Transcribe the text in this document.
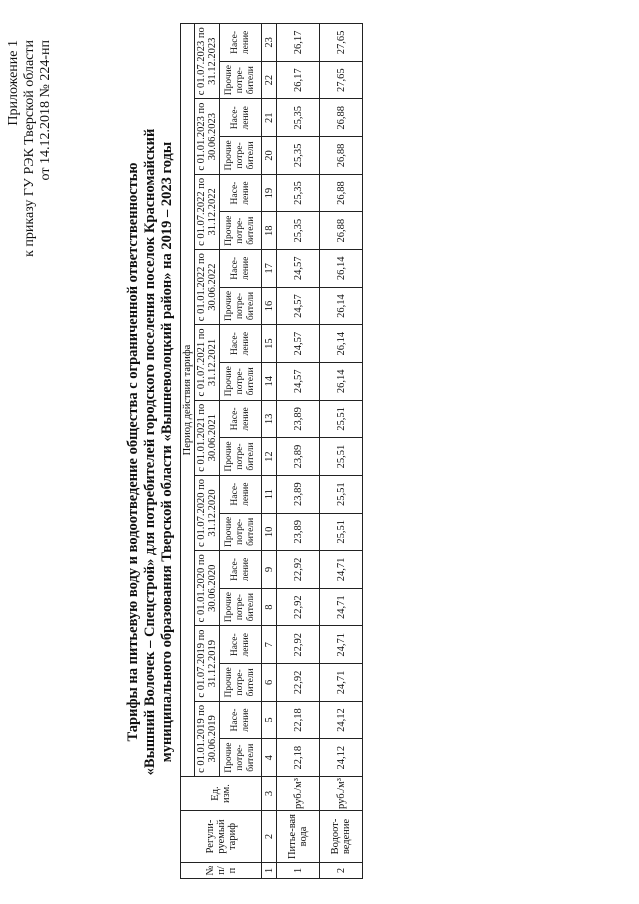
Приложение 1 к приказу ГУ РЭК Тверской области от 14.12.2018 № 224-нп
Тарифы на питьевую воду и водоотведение общества с ограниченной ответственностью «Вышний Волочек – Спецстрой» для потребителей городского поселения поселок Красномайский муниципального образования Тверской области «Вышневолоцкий район» на 2019 – 2023 годы
№ п/п	Регули-руемый тариф	Ед. изм.	Период действия тарифа																			
			с 01.01.2019 по 30.06.2019		с 01.07.2019 по 31.12.2019		с 01.01.2020 по 30.06.2020		с 01.07.2020 по 31.12.2020		с 01.01.2021 по 30.06.2021		с 01.07.2021 по 31.12.2021		с 01.01.2022 по 30.06.2022		с 01.07.2022 по 31.12.2022		с 01.01.2023 по 30.06.2023		с 01.07.2023 по 31.12.2023	
			Прочие потре-бители	Насе-ление	Прочие потре-бители	Насе-ление	Прочие потре-бители	Насе-ление	Прочие потре-бители	Насе-ление	Прочие потре-бители	Насе-ление	Прочие потре-бители	Насе-ление	Прочие потре-бители	Насе-ление	Прочие потре-бители	Насе-ление	Прочие потре-бители	Насе-ление	Прочие потре-бители	Насе-ление
1	2	3	4	5	6	7	8	9	10	11	12	13	14	15	16	17	18	19	20	21	22	23
1	Питье-вая вода	руб./м³	22,18	22,18	22,92	22,92	22,92	22,92	23,89	23,89	23,89	23,89	24,57	24,57	24,57	24,57	25,35	25,35	25,35	25,35	26,17	26,17
2	Водоот-ведение	руб./м³	24,12	24,12	24,71	24,71	24,71	24,71	25,51	25,51	25,51	25,51	26,14	26,14	26,14	26,14	26,88	26,88	26,88	26,88	27,65	27,65
